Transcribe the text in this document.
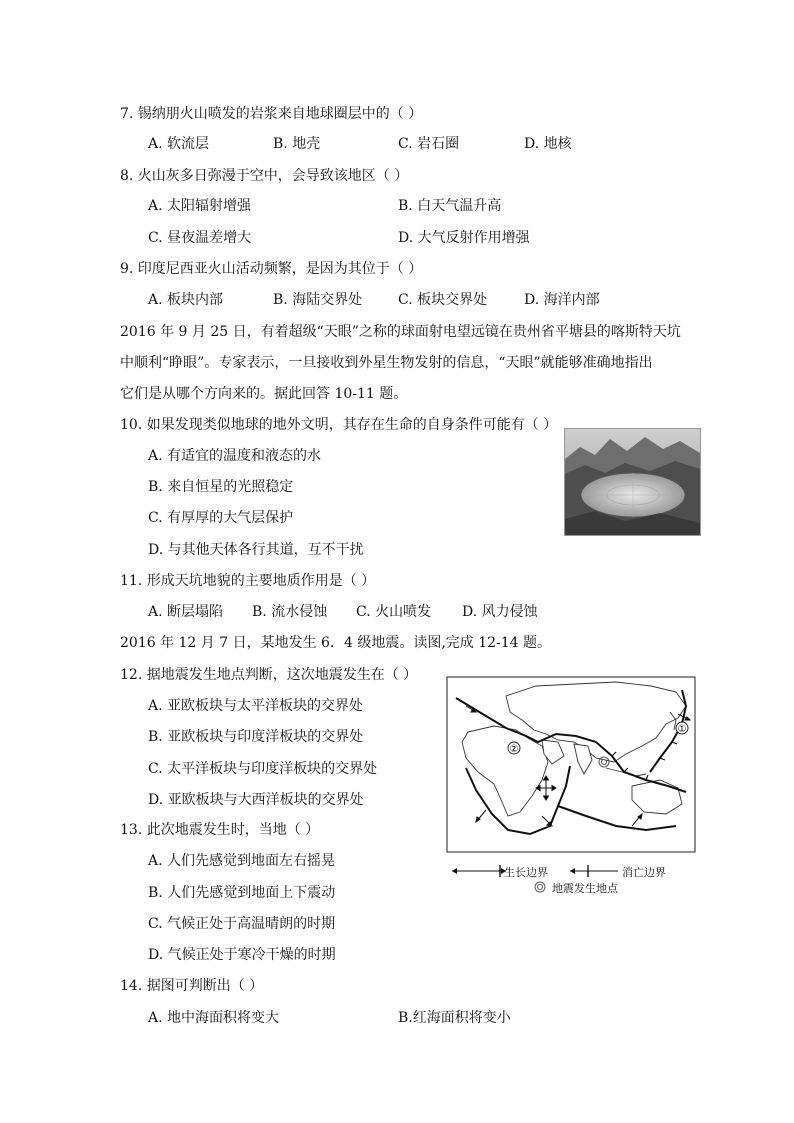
7. 锡纳朋火山喷发的岩浆来自地球圈层中的（ ）
A. 软流层	B. 地壳	C. 岩石圈	D. 地核
8. 火山灰多日弥漫于空中，会导致该地区（ ）
A. 太阳辐射增强	B. 白天气温升高
C. 昼夜温差增大	D. 大气反射作用增强
9. 印度尼西亚火山活动频繁，是因为其位于（ ）
A. 板块内部	B. 海陆交界处	C. 板块交界处	D. 海洋内部
2016 年 9 月 25 日，有着超级“天眼”之称的球面射电望远镜在贵州省平塘县的喀斯特天坑
中顺利“睁眼”。专家表示，一旦接收到外星生物发射的信息，“天眼”就能够准确地指出
它们是从哪个方向来的。据此回答 10-11 题。
10. 如果发现类似地球的地外文明，其存在生命的自身条件可能有（ ）
A. 有适宜的温度和液态的水
B. 来自恒星的光照稳定
C. 有厚厚的大气层保护
D. 与其他天体各行其道，互不干扰
11. 形成天坑地貌的主要地质作用是（ ）
A. 断层塌陷 B. 流水侵蚀 C. 火山喷发 D. 风力侵蚀
2016 年 12 月 7 日，某地发生 6．4 级地震。读图,完成 12-14 题。
12. 据地震发生地点判断，这次地震发生在（ ）
A. 亚欧板块与太平洋板块的交界处
B. 亚欧板块与印度洋板块的交界处
C. 太平洋板块与印度洋板块的交界处
D. 亚欧板块与大西洋板块的交界处
①
②
生长边界	消亡边界
地震发生地点
13. 此次地震发生时，当地（ ）
A. 人们先感觉到地面左右摇晃
B. 人们先感觉到地面上下震动
C. 气候正处于高温晴朗的时期
D. 气候正处于寒冷干燥的时期
14. 据图可判断出（ ）
A. 地中海面积将变大	B.红海面积将变小
